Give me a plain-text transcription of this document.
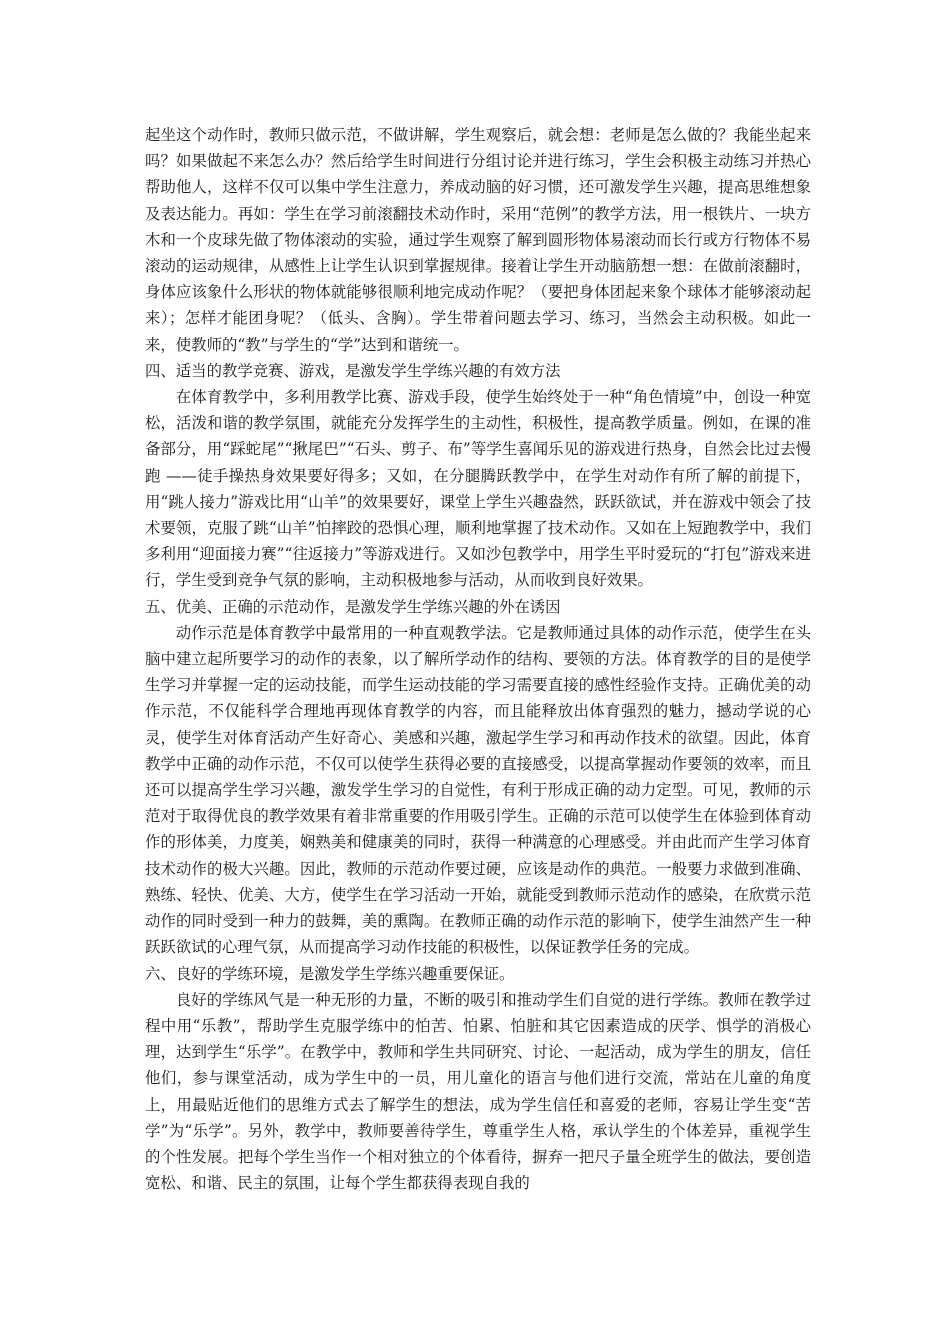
起坐这个动作时，教师只做示范，不做讲解，学生观察后，就会想：老师是怎么做的？我能坐起来吗？如果做起不来怎么办？然后给学生时间进行分组讨论并进行练习，学生会积极主动练习并热心帮助他人，这样不仅可以集中学生注意力，养成动脑的好习惯，还可激发学生兴趣，提高思维想象及表达能力。再如：学生在学习前滚翻技术动作时，采用“范例”的教学方法，用一根铁片、一块方木和一个皮球先做了物体滚动的实验，通过学生观察了解到圆形物体易滚动而长行或方行物体不易滚动的运动规律，从感性上让学生认识到掌握规律。接着让学生开动脑筋想一想：在做前滚翻时，身体应该象什么形状的物体就能够很顺利地完成动作呢？（要把身体团起来象个球体才能够滚动起来）；怎样才能团身呢？（低头、含胸）。学生带着问题去学习、练习，当然会主动积极。如此一来，使教师的“教”与学生的“学”达到和谐统一。

四、适当的教学竞赛、游戏，是激发学生学练兴趣的有效方法

在体育教学中，多利用教学比赛、游戏手段，使学生始终处于一种“角色情境”中，创设一种宽松，活泼和谐的教学氛围，就能充分发挥学生的主动性，积极性，提高教学质量。例如，在课的准备部分，用“踩蛇尾”“揪尾巴”“石头、剪子、布”等学生喜闻乐见的游戏进行热身，自然会比过去慢跑 ——徒手操热身效果要好得多；又如，在分腿腾跃教学中，在学生对动作有所了解的前提下，用“跳人接力”游戏比用“山羊”的效果要好，课堂上学生兴趣盎然，跃跃欲试，并在游戏中领会了技术要领，克服了跳“山羊”怕摔跤的恐惧心理，顺利地掌握了技术动作。又如在上短跑教学中，我们多利用“迎面接力赛”“往返接力”等游戏进行。又如沙包教学中，用学生平时爱玩的“打包”游戏来进行，学生受到竞争气氛的影响，主动积极地参与活动，从而收到良好效果。

五、优美、正确的示范动作，是激发学生学练兴趣的外在诱因

动作示范是体育教学中最常用的一种直观教学法。它是教师通过具体的动作示范，使学生在头脑中建立起所要学习的动作的表象，以了解所学动作的结构、要领的方法。体育教学的目的是使学生学习并掌握一定的运动技能，而学生运动技能的学习需要直接的感性经验作支持。正确优美的动作示范，不仅能科学合理地再现体育教学的内容，而且能释放出体育强烈的魅力，撼动学说的心灵，使学生对体育活动产生好奇心、美感和兴趣，激起学生学习和再动作技术的欲望。因此，体育教学中正确的动作示范，不仅可以使学生获得必要的直接感受，以提高掌握动作要领的效率，而且还可以提高学生学习兴趣，激发学生学习的自觉性，有利于形成正确的动力定型。可见，教师的示范对于取得优良的教学效果有着非常重要的作用吸引学生。正确的示范可以使学生在体验到体育动作的形体美，力度美，娴熟美和健康美的同时，获得一种满意的心理感受。并由此而产生学习体育技术动作的极大兴趣。因此，教师的示范动作要过硬，应该是动作的典范。一般要力求做到准确、熟练、轻快、优美、大方，使学生在学习活动一开始，就能受到教师示范动作的感染，在欣赏示范动作的同时受到一种力的鼓舞，美的熏陶。在教师正确的动作示范的影响下，使学生油然产生一种跃跃欲试的心理气氛，从而提高学习动作技能的积极性，以保证教学任务的完成。

六、良好的学练环境，是激发学生学练兴趣重要保证。

良好的学练风气是一种无形的力量，不断的吸引和推动学生们自觉的进行学练。教师在教学过程中用“乐教”，帮助学生克服学练中的怕苦、怕累、怕脏和其它因素造成的厌学、惧学的消极心理，达到学生“乐学”。在教学中，教师和学生共同研究、讨论、一起活动，成为学生的朋友，信任他们，参与课堂活动，成为学生中的一员，用儿童化的语言与他们进行交流，常站在儿童的角度上，用最贴近他们的思维方式去了解学生的想法，成为学生信任和喜爱的老师，容易让学生变“苦学”为“乐学”。另外，教学中，教师要善待学生，尊重学生人格，承认学生的个体差异，重视学生的个性发展。把每个学生当作一个相对独立的个体看待，摒弃一把尺子量全班学生的做法，要创造宽松、和谐、民主的氛围，让每个学生都获得表现自我的
